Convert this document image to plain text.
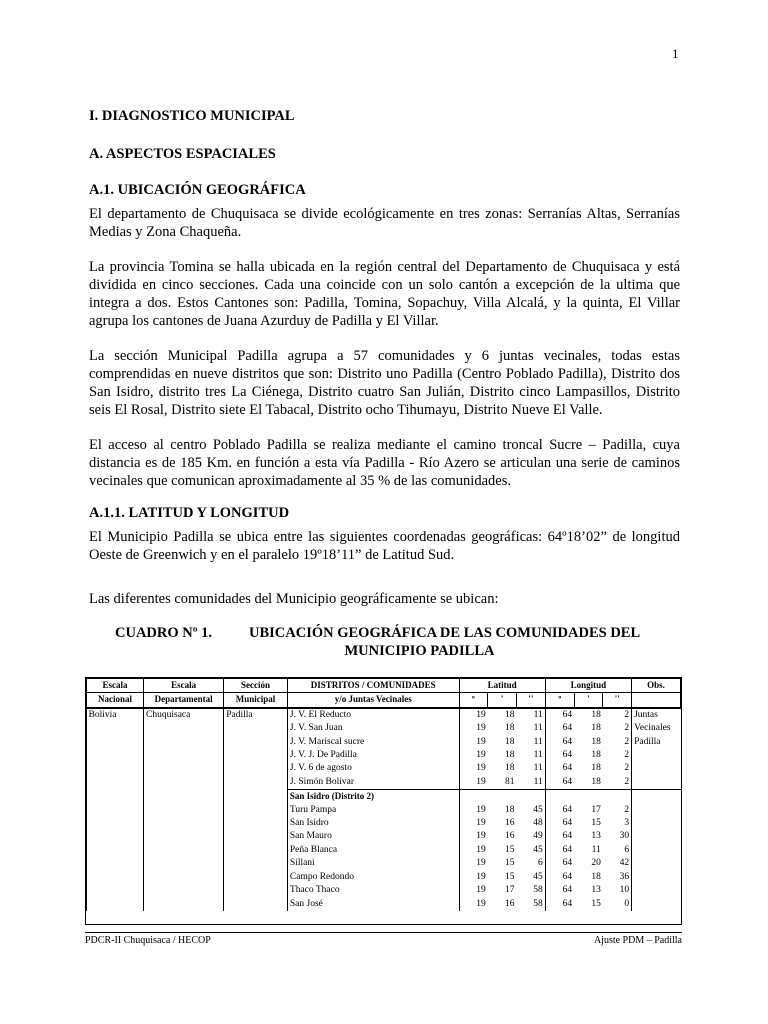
1
I. DIAGNOSTICO MUNICIPAL
A. ASPECTOS ESPACIALES
A.1. UBICACIÓN GEOGRÁFICA
El departamento de Chuquisaca se divide ecológicamente en tres zonas: Serranías Altas, Serranías Medias y Zona Chaqueña.
La provincia Tomina se halla ubicada en la región central del Departamento de Chuquisaca y está dividida en cinco secciones. Cada una coincide con un solo cantón a excepción de la ultima que integra a dos. Estos Cantones son: Padilla, Tomina, Sopachuy, Villa Alcalá, y la quinta, El Villar agrupa los cantones de Juana Azurduy de Padilla y El Villar.
La sección Municipal Padilla agrupa a 57 comunidades y 6 juntas vecinales, todas estas comprendidas en nueve distritos que son: Distrito uno Padilla (Centro Poblado Padilla), Distrito dos San Isidro, distrito tres La Ciénega, Distrito cuatro San Julián, Distrito cinco Lampasillos, Distrito seis El Rosal, Distrito siete El Tabacal, Distrito ocho Tihumayu, Distrito Nueve El Valle.
El acceso al centro Poblado Padilla se realiza mediante el camino troncal Sucre – Padilla, cuya distancia es de 185 Km. en función a esta vía Padilla - Río Azero se articulan una serie de caminos vecinales que comunican aproximadamente al 35 % de las comunidades.
A.1.1. LATITUD Y LONGITUD
El Municipio Padilla se ubica entre las siguientes coordenadas geográficas: 64º18’02” de longitud Oeste de Greenwich y en el paralelo 19º18’11” de Latitud Sud.
Las diferentes comunidades del Municipio geográficamente se ubican:
CUADRO Nº 1.	UBICACIÓN GEOGRÁFICA DE LAS COMUNIDADES DEL
MUNICIPIO PADILLA
Escala	Escala	Sección	DISTRITOS / COMUNIDADES	Latitud			Longitud			Obs.
Nacional	Departamental	Municipal	y/o Juntas Vecinales	º	'	''	º	'	''	
Bolivia	Chuquisaca	Padilla	J. V. El Reducto	19	18	11	64	18	2	Juntas
			J. V. San Juan	19	18	11	64	18	2	Vecinales
			J. V. Mariscal sucre	19	18	11	64	18	2	Padilla
			J. V. J. De Padilla	19	18	11	64	18	2	
			J. V. 6 de agosto	19	18	11	64	18	2	
			J. Simón Bolívar	19	81	11	64	18	2	
			San Isidro (Distrito 2)							
			Turu Pampa	19	18	45	64	17	2	
			San Isidro	19	16	48	64	15	3	
			San Mauro	19	16	49	64	13	30	
			Peña Blanca	19	15	45	64	11	6	
			Sillani	19	15	6	64	20	42	
			Campo Redondo	19	15	45	64	18	36	
			Thaco Thaco	19	17	58	64	13	10	
			San José	19	16	58	64	15	0	
PDCR-II Chuquisaca / HECOP	Ajuste PDM – Padilla
